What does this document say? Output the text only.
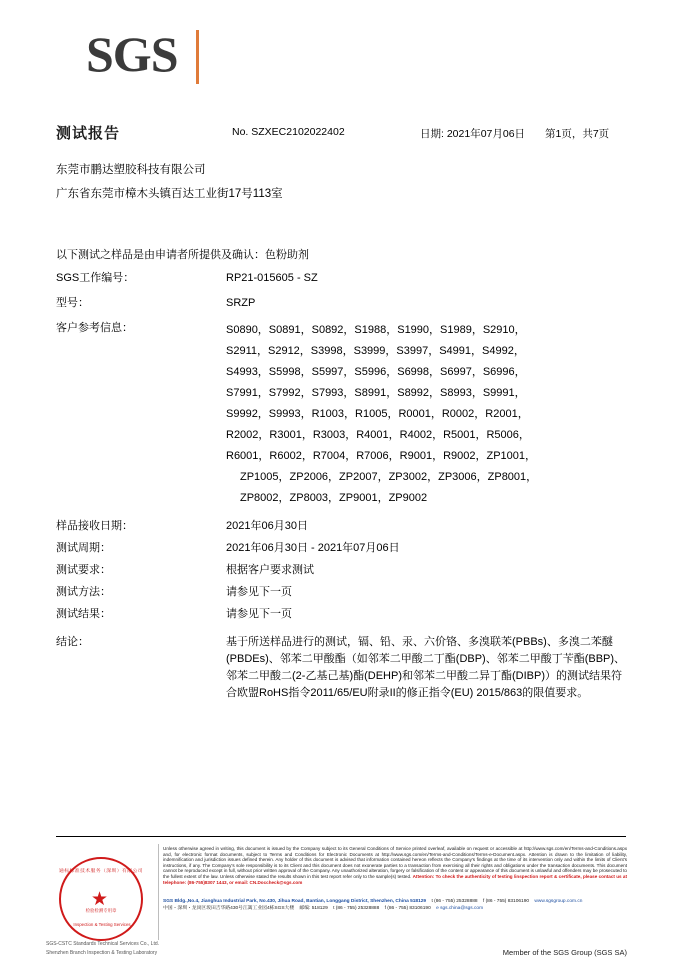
SGS
测试报告	No. SZXEC2102022402	日期: 2021年07月06日 第1页，共7页
东莞市鹏达塑胶科技有限公司
广东省东莞市樟木头镇百达工业街17号113室
以下测试之样品是由申请者所提供及确认：色粉助剂
SGS工作编号：	RP21-015605 - SZ
型号：	SRZP
客户参考信息：	S0890，S0891，S0892，S1988，S1990，S1989，S2910，
S2911，S2912，S3998，S3999，S3997，S4991，S4992，
S4993，S5998，S5997，S5996，S6998，S6997，S6996，
S7991，S7992，S7993，S8991，S8992，S8993，S9991，
S9992，S9993，R1003，R1005，R0001，R0002，R2001，
R2002，R3001，R3003，R4001，R4002，R5001，R5006，
R6001，R6002，R7004，R7006，R9001，R9002，ZP1001，
ZP1005，ZP2006，ZP2007，ZP3002，ZP3006，ZP8001，
ZP8002，ZP8003，ZP9001，ZP9002
样品接收日期：	2021年06月30日
测试周期：	2021年06月30日 - 2021年07月06日
测试要求：	根据客户要求测试
测试方法：	请参见下一页
测试结果：	请参见下一页
结论：	基于所送样品进行的测试，镉、铅、汞、六价铬、多溴联苯(PBBs)、多溴二苯醚(PBDEs)、邻苯二甲酸酯（如邻苯二甲酸二丁酯(DBP)、邻苯二甲酸丁苄酯(BBP)、邻苯二甲酸二(2-乙基己基)酯(DEHP)和邻苯二甲酸二异丁酯(DIBP)）的测试结果符合欧盟RoHS指令2011/65/EU附录II的修正指令(EU) 2015/863的限值要求。
通标标准技术服务（深圳）有限公司
★
检验检测专用章
Inspection & Testing Services
SGS-CSTC Standards Technical Services Co., Ltd.
Shenzhen Branch Inspection & Testing Laboratory
Unless otherwise agreed in writing, this document is issued by the Company subject to its General Conditions of Service printed overleaf, available on request or accessible at http://www.sgs.com/en/Terms-and-Conditions.aspx and, for electronic format documents, subject to Terms and Conditions for Electronic Documents at http://www.sgs.com/en/Terms-and-Conditions/Terms-e-Document.aspx. Attention is drawn to the limitation of liability, indemnification and jurisdiction issues defined therein. Any holder of this document is advised that information contained hereon reflects the Company's findings at the time of its intervention only and within the limits of Client's instructions, if any. The Company's sole responsibility is to its Client and this document does not exonerate parties to a transaction from exercising all their rights and obligations under the transaction documents. This document cannot be reproduced except in full, without prior written approval of the Company. Any unauthorized alteration, forgery or falsification of the content or appearance of this document is unlawful and offenders may be prosecuted to the fullest extent of the law. Unless otherwise stated the results shown in this test report refer only to the sample(s) tested. Attention: To check the authenticity of testing /inspection report & certificate, please contact us at telephone: (86-755)8307 1443, or email: CN.Doccheck@sgs.com
SGS Bldg.,No.4, Jianghua Industrial Park, No.430, Jihua Road, Bantian, Longgang District, Shenzhen, China 518129 t (86 - 755) 25328888 f (86 - 755) 83106190 www.sgsgroup.com.cn
中国・深圳・龙岗区坂田吉华路430号江篱工业园4栋SGS大楼 邮编: 518129 t (86 - 755) 25328888 f (86 - 755) 83106190 e sgs.china@sgs.com
Member of the SGS Group (SGS SA)
